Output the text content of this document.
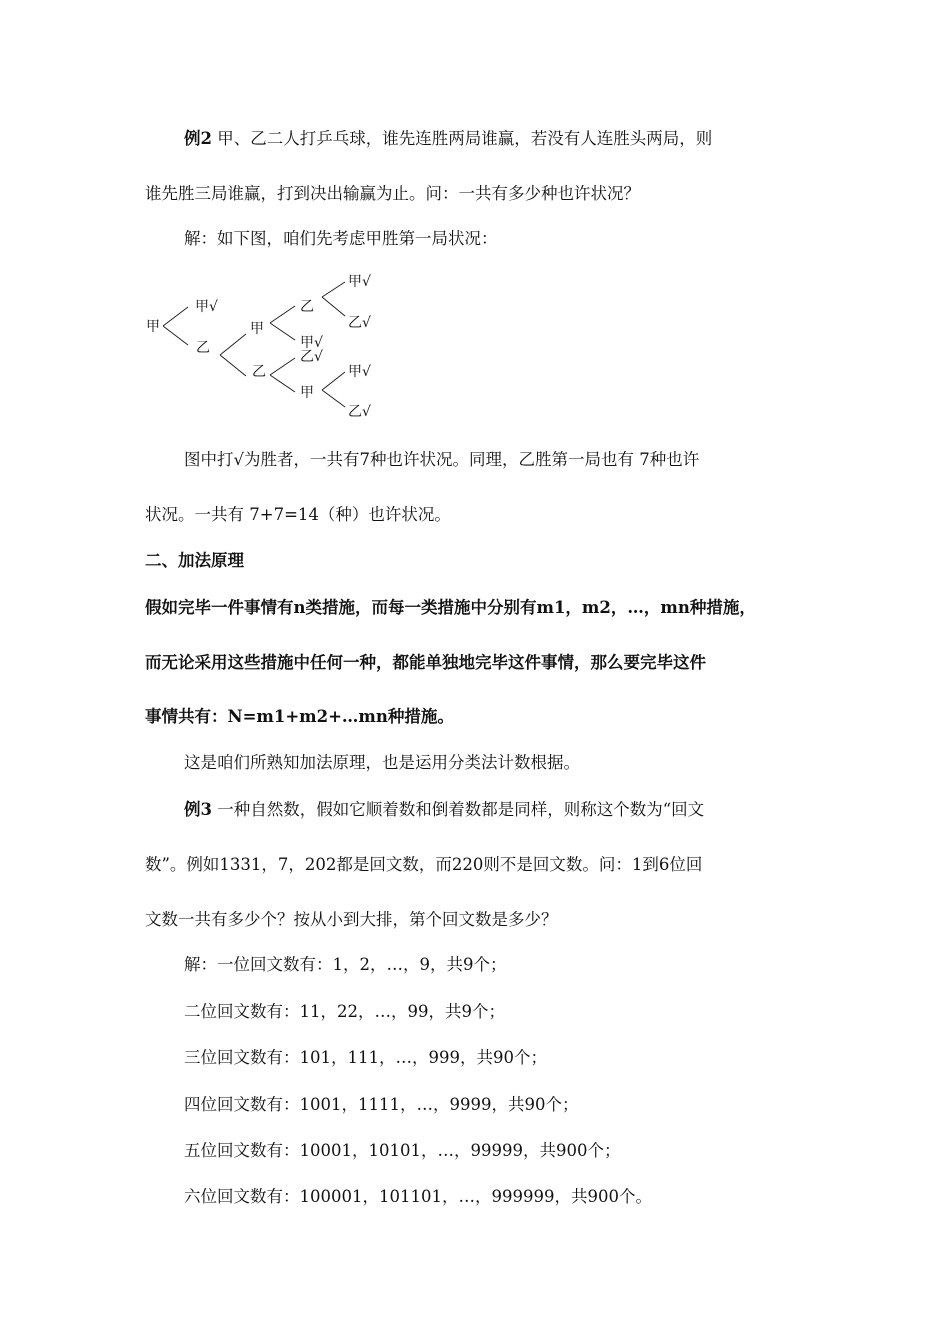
例2 甲、乙二人打乒乓球，谁先连胜两局谁赢，若没有人连胜头两局，则
谁先胜三局谁赢，打到决出输赢为止。问：一共有多少种也许状况？
解：如下图，咱们先考虑甲胜第一局状况：
甲
甲√
乙
甲
乙
乙
甲√
乙√
甲
甲√
乙√
甲√
乙√
图中打√为胜者，一共有7种也许状况。同理，乙胜第一局也有 7种也许
状况。一共有 7+7=14（种）也许状况。
二、加法原理
假如完毕一件事情有n类措施，而每一类措施中分别有m1，m2，…，mn种措施，
而无论采用这些措施中任何一种，都能单独地完毕这件事情，那么要完毕这件
事情共有：N=m1+m2+…mn种措施。
这是咱们所熟知加法原理，也是运用分类法计数根据。
例3 一种自然数，假如它顺着数和倒着数都是同样，则称这个数为“回文
数”。例如1331，7，202都是回文数，而220则不是回文数。问：1到6位回
文数一共有多少个？按从小到大排，第个回文数是多少？
解：一位回文数有：1，2，…，9，共9个；
二位回文数有：11，22，…，99，共9个；
三位回文数有：101，111，…，999，共90个；
四位回文数有：1001，1111，…，9999，共90个；
五位回文数有：10001，10101，…，99999，共900个；
六位回文数有：100001，101101，…，999999，共900个。
